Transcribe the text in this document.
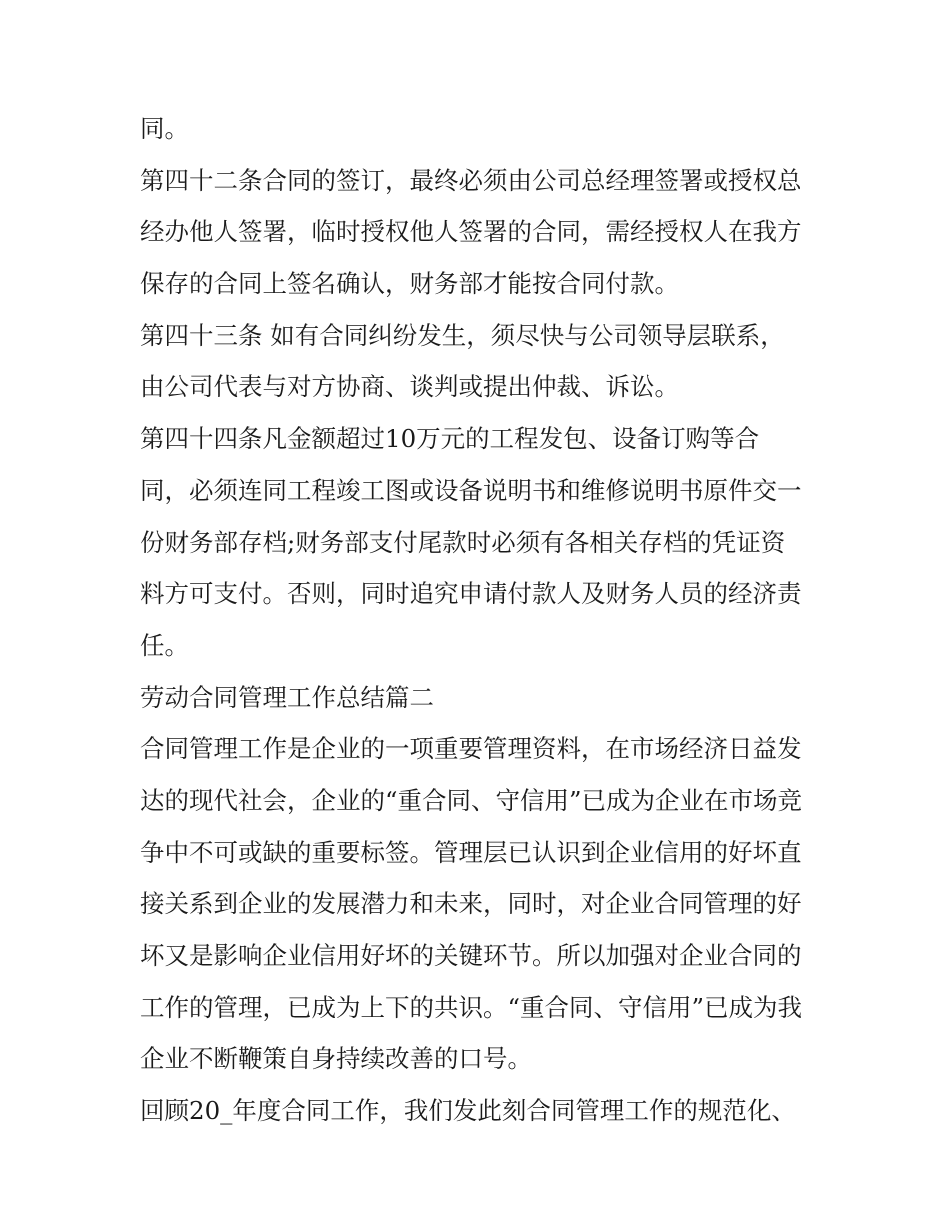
同。
第四十二条合同的签订，最终必须由公司总经理签署或授权总
经办他人签署，临时授权他人签署的合同，需经授权人在我方
保存的合同上签名确认，财务部才能按合同付款。
第四十三条 如有合同纠纷发生，须尽快与公司领导层联系，
由公司代表与对方协商、谈判或提出仲裁、诉讼。
第四十四条凡金额超过10万元的工程发包、设备订购等合
同，必须连同工程竣工图或设备说明书和维修说明书原件交一
份财务部存档;财务部支付尾款时必须有各相关存档的凭证资
料方可支付。否则，同时追究申请付款人及财务人员的经济责
任。
劳动合同管理工作总结篇二
合同管理工作是企业的一项重要管理资料，在市场经济日益发
达的现代社会，企业的“重合同、守信用”已成为企业在市场竞
争中不可或缺的重要标签。管理层已认识到企业信用的好坏直
接关系到企业的发展潜力和未来，同时，对企业合同管理的好
坏又是影响企业信用好坏的关键环节。所以加强对企业合同的
工作的管理，已成为上下的共识。“重合同、守信用”已成为我
企业不断鞭策自身持续改善的口号。
回顾20_年度合同工作，我们发此刻合同管理工作的规范化、
